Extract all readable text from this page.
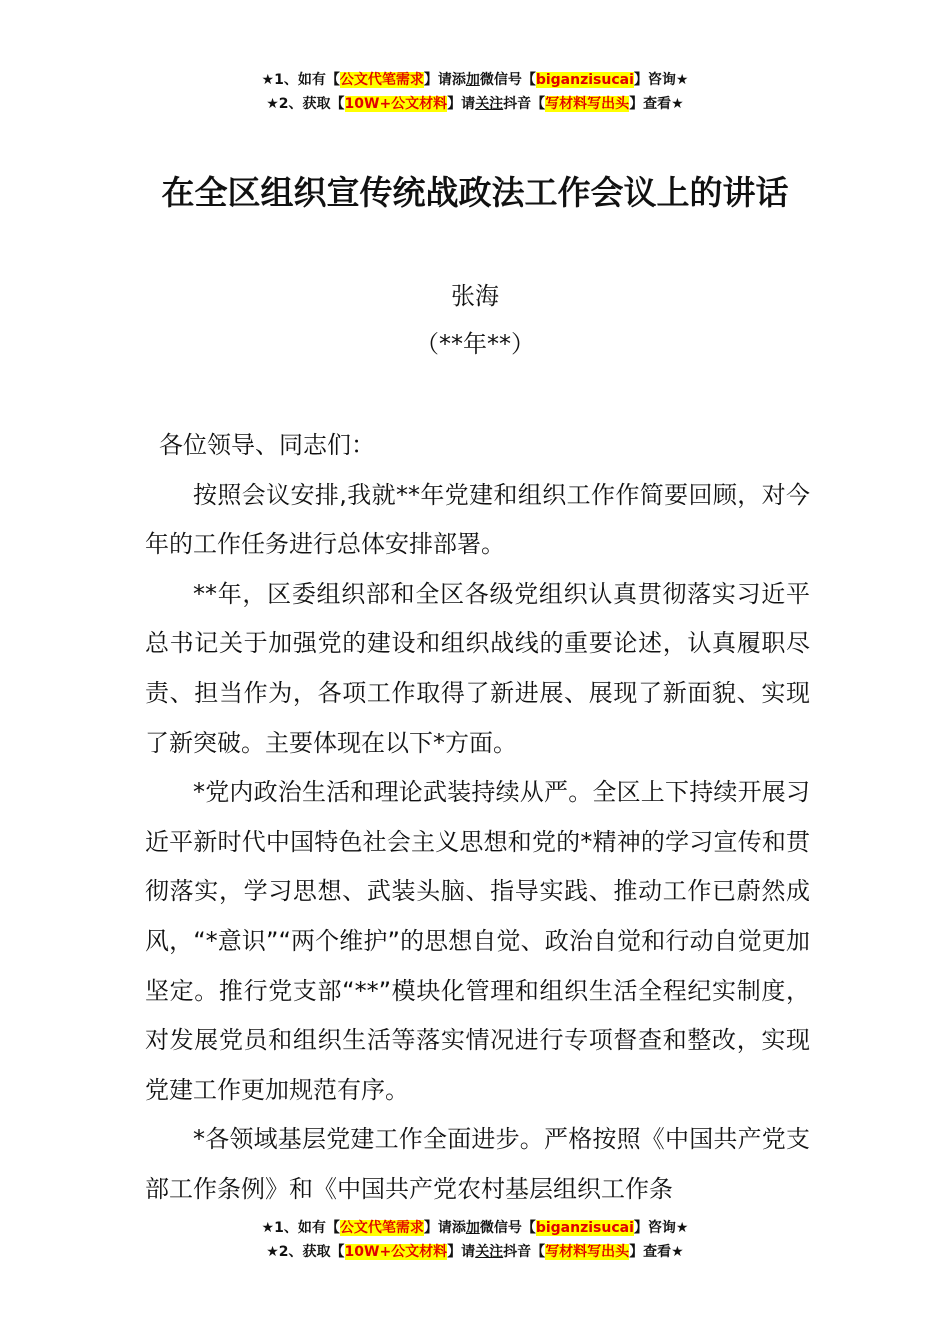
★1、如有【公文代笔需求】请添加微信号【biganzisucai】咨询★
★2、获取【10W+公文材料】请关注抖音【写材料写出头】查看★
在全区组织宣传统战政法工作会议上的讲话
张海
（**年**）

各位领导、同志们：

按照会议安排,我就**年党建和组织工作作简要回顾，对今年的工作任务进行总体安排部署。

**年，区委组织部和全区各级党组织认真贯彻落实习近平总书记关于加强党的建设和组织战线的重要论述，认真履职尽责、担当作为，各项工作取得了新进展、展现了新面貌、实现了新突破。主要体现在以下*方面。

*党内政治生活和理论武装持续从严。全区上下持续开展习近平新时代中国特色社会主义思想和党的*精神的学习宣传和贯彻落实，学习思想、武装头脑、指导实践、推动工作已蔚然成风，“*意识”“两个维护”的思想自觉、政治自觉和行动自觉更加坚定。推行党支部“**”模块化管理和组织生活全程纪实制度，对发展党员和组织生活等落实情况进行专项督查和整改，实现党建工作更加规范有序。

*各领域基层党建工作全面进步。严格按照《中国共产党支部工作条例》和《中国共产党农村基层组织工作条

★1、如有【公文代笔需求】请添加微信号【biganzisucai】咨询★
★2、获取【10W+公文材料】请关注抖音【写材料写出头】查看★
